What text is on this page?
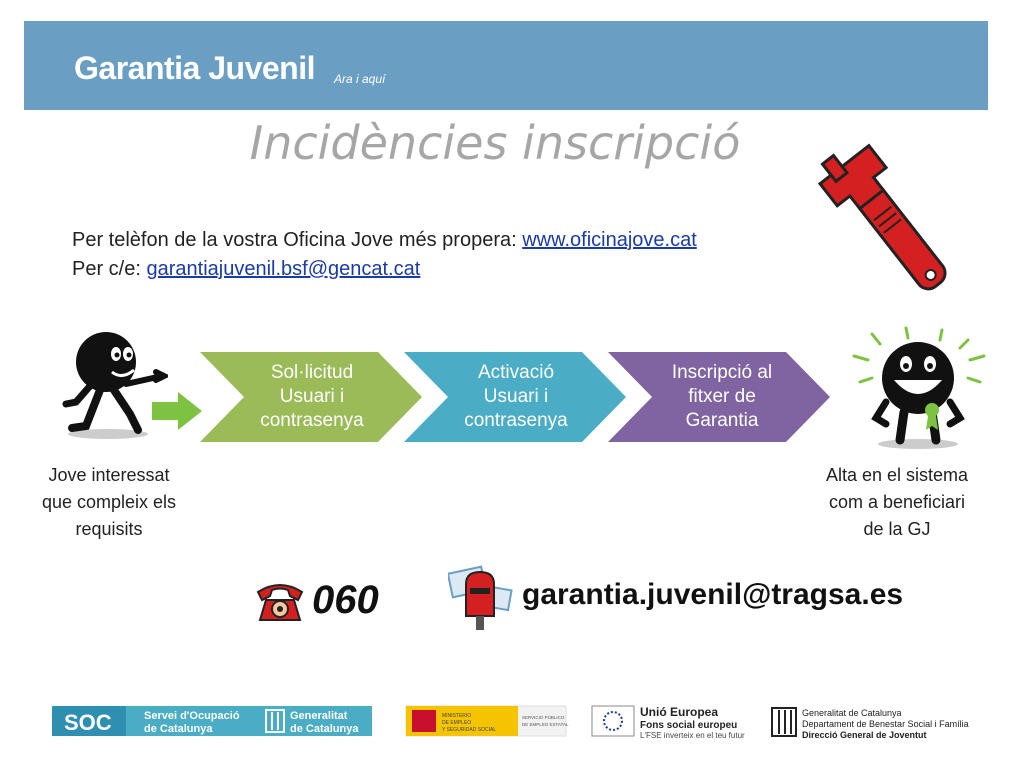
Garantia Juvenil Ara i aquí
Incidències inscripció
Per telèfon de la vostra Oficina Jove més propera: www.oficinajove.cat
Per c/e: garantiajuvenil.bsf@gencat.cat
Sol·licitud
Usuari i
contrasenya
Activació
Usuari i
contrasenya
Inscripció al
fitxer de
Garantia
Jove interessat
que compleix els
requisits
Alta en el sistema
com a beneficiari
de la GJ
060	garantia.juvenil@tragsa.es
SOC	Servei d'Ocupació
de Catalunya
Generalitat
de Catalunya
MINISTERIO
DE EMPLEO
Y SEGURIDAD SOCIAL
SERVICIO PÚBLICO
DE EMPLEO ESTATAL
Unió Europea
Fons social europeu
L'FSE inverteix en el teu futur
Generalitat de Catalunya
Departament de Benestar Social i Família
Direcció General de Joventut
